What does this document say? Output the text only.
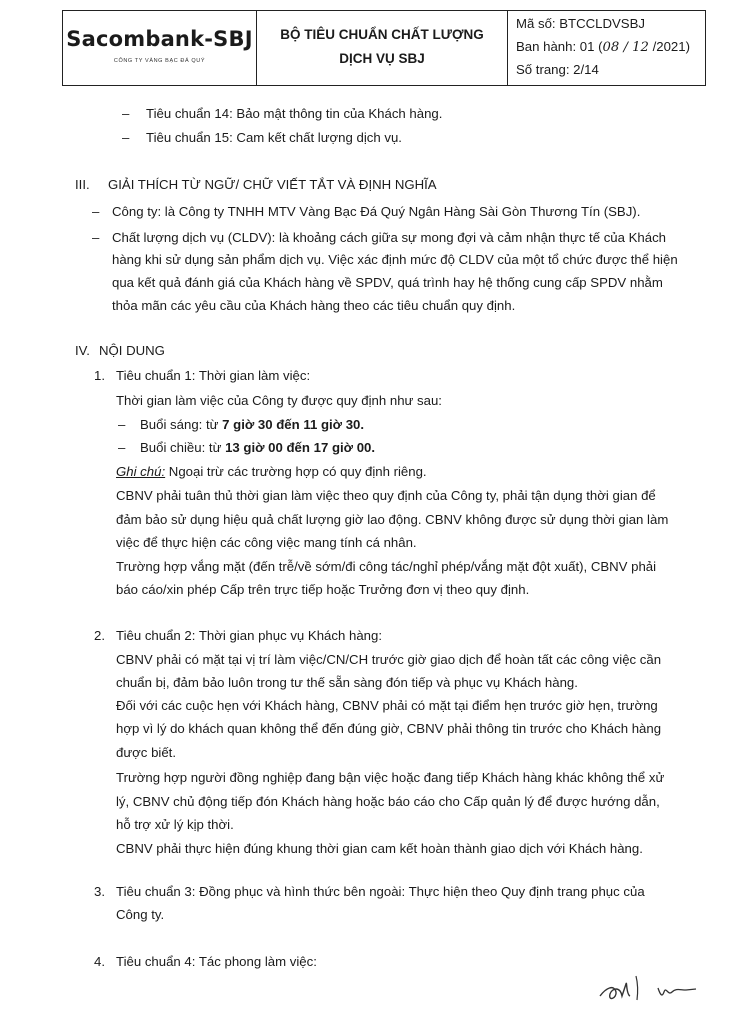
Sacombank-SBJ
CÔNG TY VÀNG BẠC ĐÁ QUÝ
BỘ TIÊU CHUẨN CHẤT LƯỢNG
DỊCH VỤ SBJ
Mã số: BTCCLDVSBJ
Ban hành: 01 (08 / 12 /2021)
Số trang: 2/14
– Tiêu chuẩn 14: Bảo mật thông tin của Khách hàng.
– Tiêu chuẩn 15: Cam kết chất lượng dịch vụ.
III. GIẢI THÍCH TỪ NGỮ/ CHỮ VIẾT TẮT VÀ ĐỊNH NGHĨA
– Công ty: là Công ty TNHH MTV Vàng Bạc Đá Quý Ngân Hàng Sài Gòn Thương Tín (SBJ).
– Chất lượng dịch vụ (CLDV): là khoảng cách giữa sự mong đợi và cảm nhận thực tế của Khách
hàng khi sử dụng sản phẩm dịch vụ. Việc xác định mức độ CLDV của một tổ chức được thể hiện
qua kết quả đánh giá của Khách hàng về SPDV, quá trình hay hệ thống cung cấp SPDV nhằm
thỏa mãn các yêu cầu của Khách hàng theo các tiêu chuẩn quy định.
IV. NỘI DUNG
1. Tiêu chuẩn 1: Thời gian làm việc:
Thời gian làm việc của Công ty được quy định như sau:
– Buổi sáng: từ 7 giờ 30 đến 11 giờ 30.
– Buổi chiều: từ 13 giờ 00 đến 17 giờ 00.
Ghi chú: Ngoại trừ các trường hợp có quy định riêng.
CBNV phải tuân thủ thời gian làm việc theo quy định của Công ty, phải tận dụng thời gian để
đảm bảo sử dụng hiệu quả chất lượng giờ lao động. CBNV không được sử dụng thời gian làm
việc để thực hiện các công việc mang tính cá nhân.
Trường hợp vắng mặt (đến trễ/về sớm/đi công tác/nghỉ phép/vắng mặt đột xuất), CBNV phải
báo cáo/xin phép Cấp trên trực tiếp hoặc Trưởng đơn vị theo quy định.
2. Tiêu chuẩn 2: Thời gian phục vụ Khách hàng:
CBNV phải có mặt tại vị trí làm việc/CN/CH trước giờ giao dịch để hoàn tất các công việc cần
chuẩn bị, đảm bảo luôn trong tư thế sẵn sàng đón tiếp và phục vụ Khách hàng.
Đối với các cuộc hẹn với Khách hàng, CBNV phải có mặt tại điểm hẹn trước giờ hẹn, trường
hợp vì lý do khách quan không thể đến đúng giờ, CBNV phải thông tin trước cho Khách hàng
được biết.
Trường hợp người đồng nghiệp đang bận việc hoặc đang tiếp Khách hàng khác không thể xử
lý, CBNV chủ động tiếp đón Khách hàng hoặc báo cáo cho Cấp quản lý để được hướng dẫn,
hỗ trợ xử lý kịp thời.
CBNV phải thực hiện đúng khung thời gian cam kết hoàn thành giao dịch với Khách hàng.
3. Tiêu chuẩn 3: Đồng phục và hình thức bên ngoài: Thực hiện theo Quy định trang phục của
Công ty.
4. Tiêu chuẩn 4: Tác phong làm việc:
